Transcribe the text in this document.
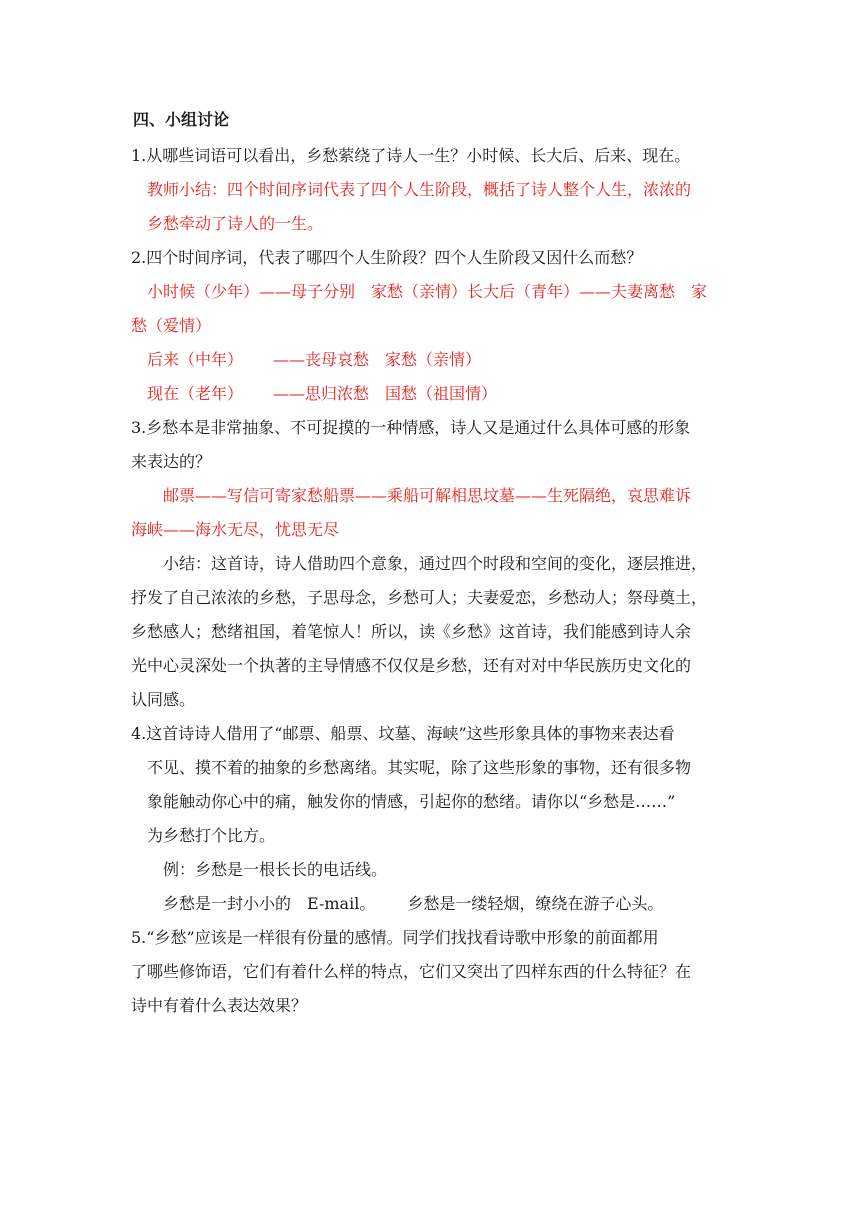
四、小组讨论
1.从哪些词语可以看出，乡愁萦绕了诗人一生？小时候、长大后、后来、现在。
教师小结：四个时间序词代表了四个人生阶段，概括了诗人整个人生，浓浓的
乡愁牵动了诗人的一生。
2.四个时间序词，代表了哪四个人生阶段？四个人生阶段又因什么而愁？
小时候（少年）——母子分别 家愁（亲情）长大后（青年）——夫妻离愁 家
愁（爱情）
后来（中年） ——丧母哀愁 家愁（亲情）
现在（老年） ——思归浓愁 国愁（祖国情）
3.乡愁本是非常抽象、不可捉摸的一种情感，诗人又是通过什么具体可感的形象
来表达的？
邮票——写信可寄家愁船票——乘船可解相思坟墓——生死隔绝，哀思难诉
海峡——海水无尽，忧思无尽
小结：这首诗，诗人借助四个意象，通过四个时段和空间的变化，逐层推进，
抒发了自己浓浓的乡愁，子思母念，乡愁可人；夫妻爱恋，乡愁动人；祭母奠土，
乡愁感人；愁绪祖国，着笔惊人！所以，读《乡愁》这首诗，我们能感到诗人余
光中心灵深处一个执著的主导情感不仅仅是乡愁，还有对对中华民族历史文化的
认同感。
4.这首诗诗人借用了“邮票、船票、坟墓、海峡”这些形象具体的事物来表达看
不见、摸不着的抽象的乡愁离绪。其实呢，除了这些形象的事物，还有很多物
象能触动你心中的痛，触发你的情感，引起你的愁绪。请你以“乡愁是……”
为乡愁打个比方。
例：乡愁是一根长长的电话线。
乡愁是一封小小的　E-mail。 乡愁是一缕轻烟，缭绕在游子心头。
5.“乡愁”应该是一样很有份量的感情。同学们找找看诗歌中形象的前面都用
了哪些修饰语，它们有着什么样的特点，它们又突出了四样东西的什么特征？在
诗中有着什么表达效果？
